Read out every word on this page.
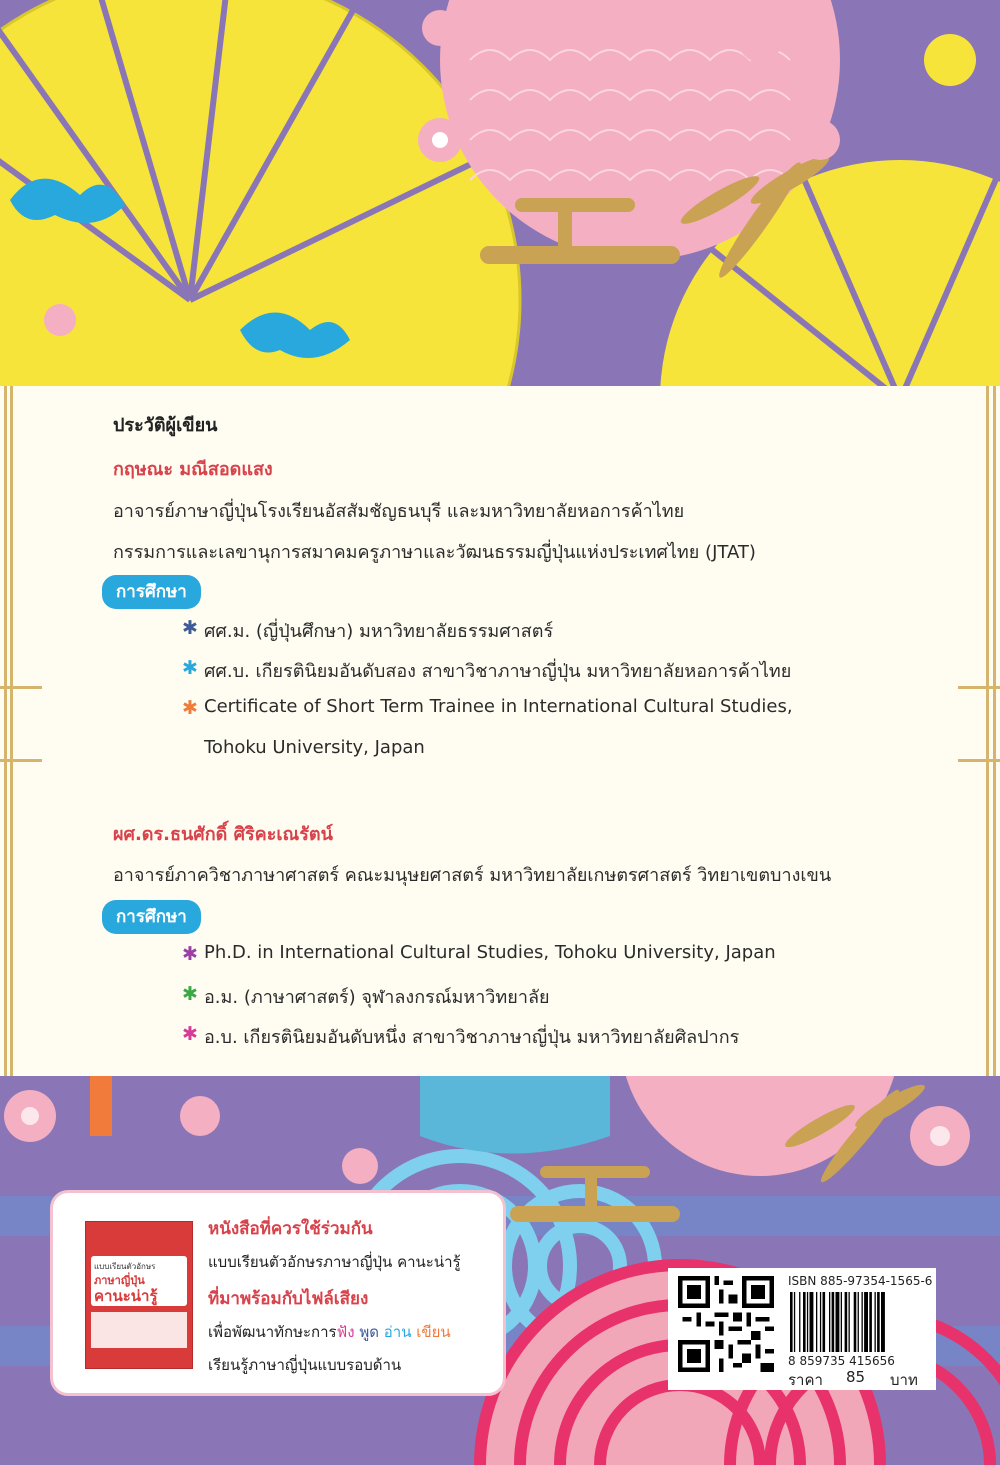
ประวัติผู้เขียน
กฤษณะ มณีสอดแสง
อาจารย์ภาษาญี่ปุ่นโรงเรียนอัสสัมชัญธนบุรี และมหาวิทยาลัยหอการค้าไทย
กรรมการและเลขานุการสมาคมครูภาษาและวัฒนธรรมญี่ปุ่นแห่งประเทศไทย (JTAT)
การศึกษา
✱ ศศ.ม. (ญี่ปุ่นศึกษา) มหาวิทยาลัยธรรมศาสตร์
✱ ศศ.บ. เกียรตินิยมอันดับสอง สาขาวิชาภาษาญี่ปุ่น มหาวิทยาลัยหอการค้าไทย
✱ Certificate of Short Term Trainee in International Cultural Studies,
Tohoku University, Japan
ผศ.ดร.ธนศักดิ์ ศิริคะเณรัตน์
อาจารย์ภาควิชาภาษาศาสตร์ คณะมนุษยศาสตร์ มหาวิทยาลัยเกษตรศาสตร์ วิทยาเขตบางเขน
การศึกษา
✱ Ph.D. in International Cultural Studies, Tohoku University, Japan
✱ อ.ม. (ภาษาศาสตร์) จุฬาลงกรณ์มหาวิทยาลัย
✱ อ.บ. เกียรตินิยมอันดับหนึ่ง สาขาวิชาภาษาญี่ปุ่น มหาวิทยาลัยศิลปากร
แบบเรียนตัวอักษร
ภาษาญี่ปุ่น
คานะน่ารู้
หนังสือที่ควรใช้ร่วมกัน
แบบเรียนตัวอักษรภาษาญี่ปุ่น คานะน่ารู้
ที่มาพร้อมกับไฟล์เสียง
เพื่อพัฒนาทักษะการฟัง พูด อ่าน เขียน
เรียนรู้ภาษาญี่ปุ่นแบบรอบด้าน
ISBN 885-97354-1565-6
8 859735 415656
ราคา 85 บาท
